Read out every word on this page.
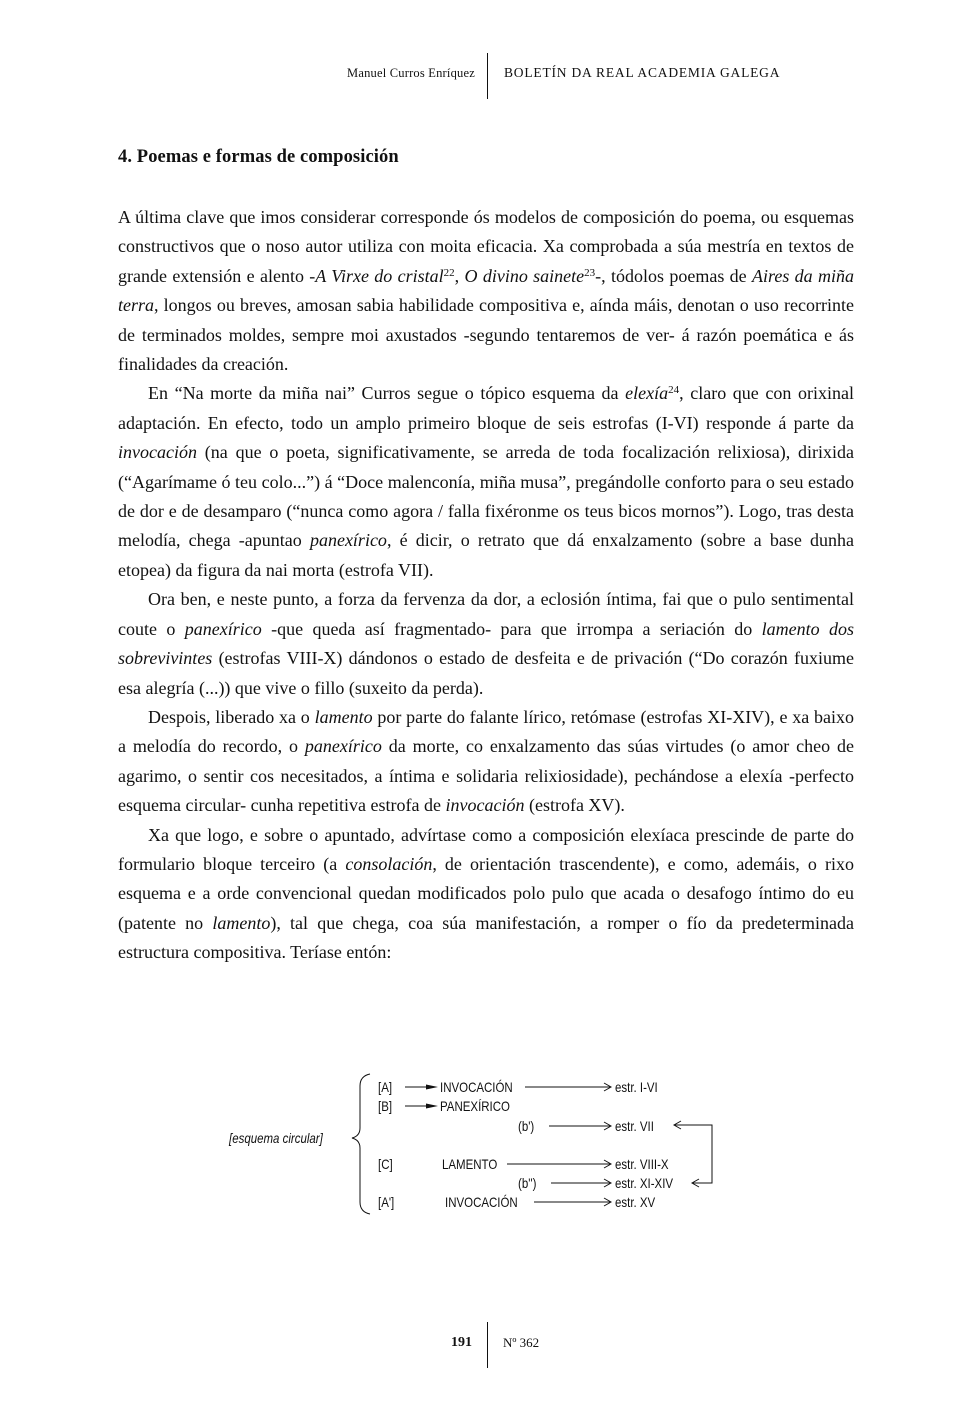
Manuel Curros Enríquez BOLETÍN DA REAL ACADEMIA GALEGA
4. Poemas e formas de composición

A última clave que imos considerar corresponde ós modelos de composición do poema, ou esquemas constructivos que o noso autor utiliza con moita eficacia. Xa comprobada a súa mestría en textos de grande extensión e alento -A Virxe do cristal$^{22}$, O divino sainete$^{23}$-, tódolos poemas de Aires da miña terra, longos ou breves, amosan sabia habilidade compositiva e, aínda máis, denotan o uso recorrinte de terminados moldes, sempre moi axustados -segundo tentaremos de ver- á razón poemática e ás finalidades da creación.

En “Na morte da miña nai” Curros segue o tópico esquema da elexía$^{24}$, claro que con orixinal adaptación. En efecto, todo un amplo primeiro bloque de seis estrofas (I-VI) responde á parte da invocación (na que o poeta, significativamente, se arreda de toda focalización relixiosa), dirixida (“Agarímame ó teu colo...”) á “Doce malenconía, miña musa”, pregándolle conforto para o seu estado de dor e de desamparo (“nunca como agora / falla fixéronme os teus bicos mornos”). Logo, tras desta melodía, chega -apuntao panexírico, é dicir, o retrato que dá enxalzamento (sobre a base dunha etopea) da figura da nai morta (estrofa VII).

Ora ben, e neste punto, a forza da fervenza da dor, a eclosión íntima, fai que o pulo sentimental coute o panexírico -que queda así fragmentado- para que irrompa a seriación do lamento dos sobrevivintes (estrofas VIII-X) dándonos o estado de desfeita e de privación (“Do corazón fuxiume esa alegría (...)) que vive o fillo (suxeito da perda).

Despois, liberado xa o lamento por parte do falante lírico, retómase (estrofas XI-XIV), e xa baixo a melodía do recordo, o panexírico da morte, co enxalzamento das súas virtudes (o amor cheo de agarimo, o sentir cos necesitados, a íntima e solidaria relixiosidade), pechándose a elexía -perfecto esquema circular- cunha repetitiva estrofa de invocación (estrofa XV).

Xa que logo, e sobre o apuntado, advírtase como a composición elexíaca prescinde de parte do formulario bloque terceiro (a consolación, de orientación trascendente), e como, ademáis, o rixo esquema e a orde convencional quedan modificados polo pulo que acada o desafogo íntimo do eu (patente no lamento), tal que chega, coa súa manifestación, a romper o fío da predeterminada estructura compositiva. Teríase entón:

[esquema circular]
[A]	INVOCACIÓN	estr. I-VI
[B]	PANEXÍRICO
(b')	estr. VII
[C]	LAMENTO	estr. VIII-X
(b'')	estr. XI-XIV
[A']	INVOCACIÓN	estr. XV
191 Nº 362
